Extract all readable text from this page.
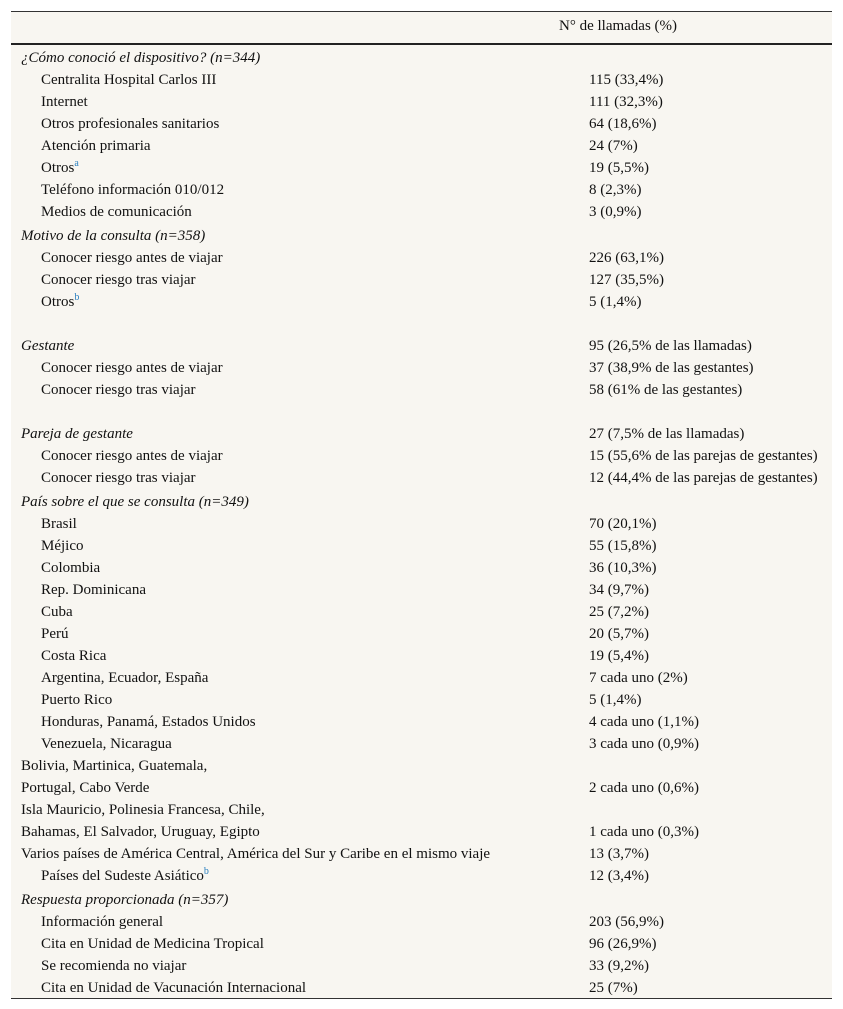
N° de llamadas (%)
¿Cómo conoció el dispositivo? (n=344)	
Centralita Hospital Carlos III	115 (33,4%)
Internet	111 (32,3%)
Otros profesionales sanitarios	64 (18,6%)
Atención primaria	24 (7%)
Otros$^a$	19 (5,5%)
Teléfono información 010/012	8 (2,3%)
Medios de comunicación	3 (0,9%)
Motivo de la consulta (n=358)	
Conocer riesgo antes de viajar	226 (63,1%)
Conocer riesgo tras viajar	127 (35,5%)
Otros$^b$	5 (1,4%)

Gestante	95 (26,5% de las llamadas)
Conocer riesgo antes de viajar	37 (38,9% de las gestantes)
Conocer riesgo tras viajar	58 (61% de las gestantes)

Pareja de gestante	27 (7,5% de las llamadas)
Conocer riesgo antes de viajar	15 (55,6% de las parejas de gestantes)
Conocer riesgo tras viajar	12 (44,4% de las parejas de gestantes)
País sobre el que se consulta (n=349)	
Brasil	70 (20,1%)
Méjico	55 (15,8%)
Colombia	36 (10,3%)
Rep. Dominicana	34 (9,7%)
Cuba	25 (7,2%)
Perú	20 (5,7%)
Costa Rica	19 (5,4%)
Argentina, Ecuador, España	7 cada uno (2%)
Puerto Rico	5 (1,4%)
Honduras, Panamá, Estados Unidos	4 cada uno (1,1%)
Venezuela, Nicaragua	3 cada uno (0,9%)
Bolivia, Martinica, Guatemala,	
Portugal, Cabo Verde	2 cada uno (0,6%)
Isla Mauricio, Polinesia Francesa, Chile,	
Bahamas, El Salvador, Uruguay, Egipto	1 cada uno (0,3%)
Varios países de América Central, América del Sur y Caribe en el mismo viaje	13 (3,7%)
Países del Sudeste Asiático$^b$	12 (3,4%)
Respuesta proporcionada (n=357)	
Información general	203 (56,9%)
Cita en Unidad de Medicina Tropical	96 (26,9%)
Se recomienda no viajar	33 (9,2%)
Cita en Unidad de Vacunación Internacional	25 (7%)
